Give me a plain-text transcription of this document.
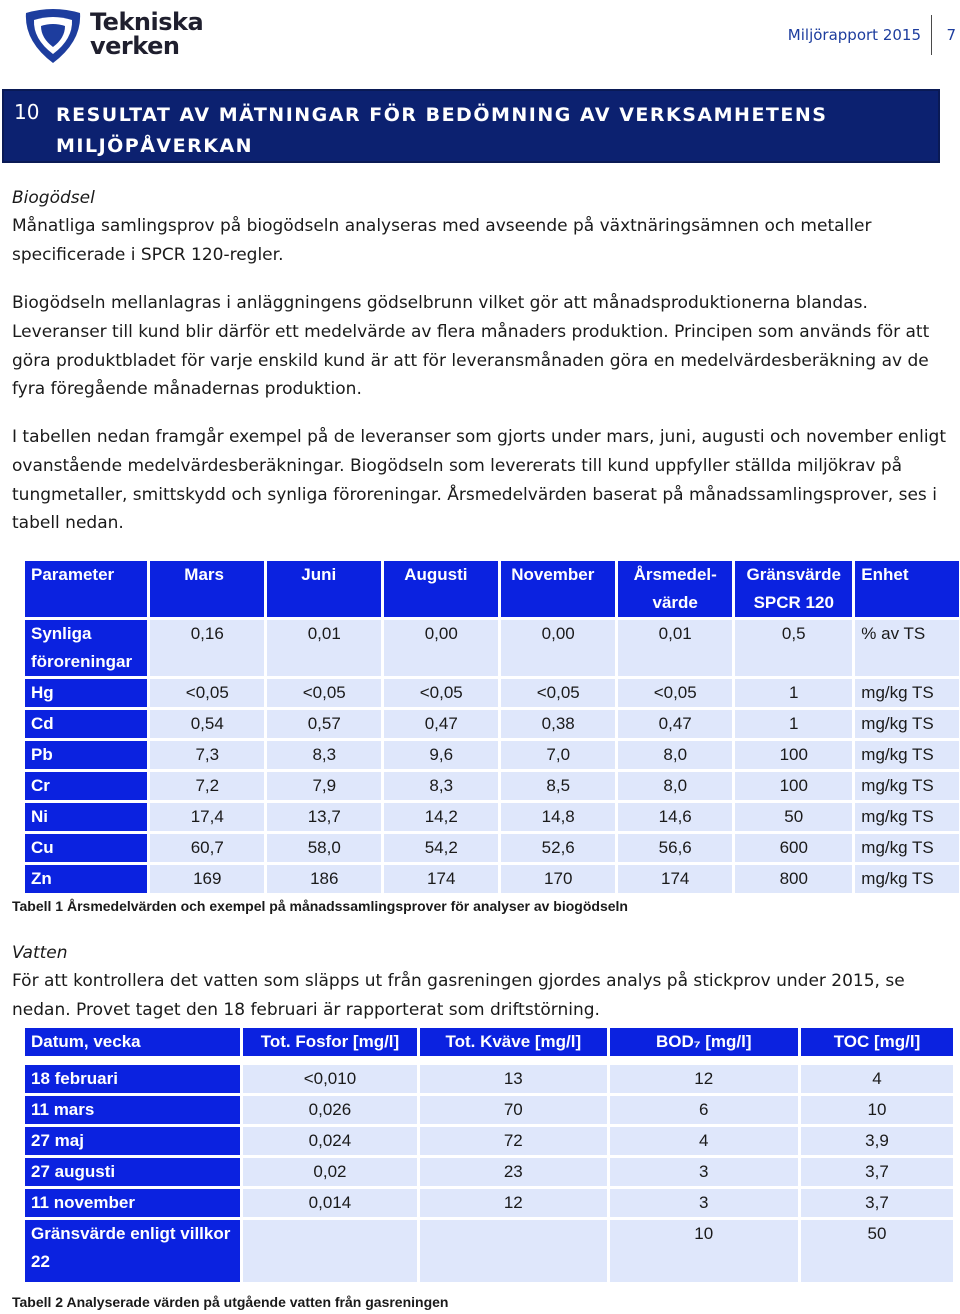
Tekniska
verken	Miljörapport 2015	7
10 RESULTAT AV MÄTNINGAR FÖR BEDÖMNING AV VERKSAMHETENS MILJÖPÅVERKAN
Biogödsel
Månatliga samlingsprov på biogödseln analyseras med avseende på växtnäringsämnen och metaller specificerade i SPCR 120-regler.
Biogödseln mellanlagras i anläggningens gödselbrunn vilket gör att månadsproduktionerna blandas. Leveranser till kund blir därför ett medelvärde av flera månaders produktion. Principen som används för att göra produktbladet för varje enskild kund är att för leveransmånaden göra en medelvärdesberäkning av de fyra föregående månadernas produktion.
I tabellen nedan framgår exempel på de leveranser som gjorts under mars, juni, augusti och november enligt ovanstående medelvärdesberäkningar. Biogödseln som levererats till kund uppfyller ställda miljökrav på tungmetaller, smittskydd och synliga föroreningar. Årsmedelvärden baserat på månadssamlingsprover, ses i tabell nedan.
Parameter	Mars	Juni	Augusti	November	Årsmedel-värde	Gränsvärde SPCR 120	Enhet
Synliga föroreningar	0,16	0,01	0,00	0,00	0,01	0,5	% av TS
Hg	<0,05	<0,05	<0,05	<0,05	<0,05	1	mg/kg TS
Cd	0,54	0,57	0,47	0,38	0,47	1	mg/kg TS
Pb	7,3	8,3	9,6	7,0	8,0	100	mg/kg TS
Cr	7,2	7,9	8,3	8,5	8,0	100	mg/kg TS
Ni	17,4	13,7	14,2	14,8	14,6	50	mg/kg TS
Cu	60,7	58,0	54,2	52,6	56,6	600	mg/kg TS
Zn	169	186	174	170	174	800	mg/kg TS
Tabell 1 Årsmedelvärden och exempel på månadssamlingsprover för analyser av biogödseln
Vatten
För att kontrollera det vatten som släpps ut från gasreningen gjordes analys på stickprov under 2015, se nedan. Provet taget den 18 februari är rapporterat som driftstörning.
Datum, vecka	Tot. Fosfor [mg/l]	Tot. Kväve [mg/l]	BOD₇ [mg/l]	TOC [mg/l]

18 februari	<0,010	13	12	4
11 mars	0,026	70	6	10
27 maj	0,024	72	4	3,9
27 augusti	0,02	23	3	3,7
11 november	0,014	12	3	3,7
Gränsvärde enligt villkor 22			10	50
Tabell 2 Analyserade värden på utgående vatten från gasreningen
